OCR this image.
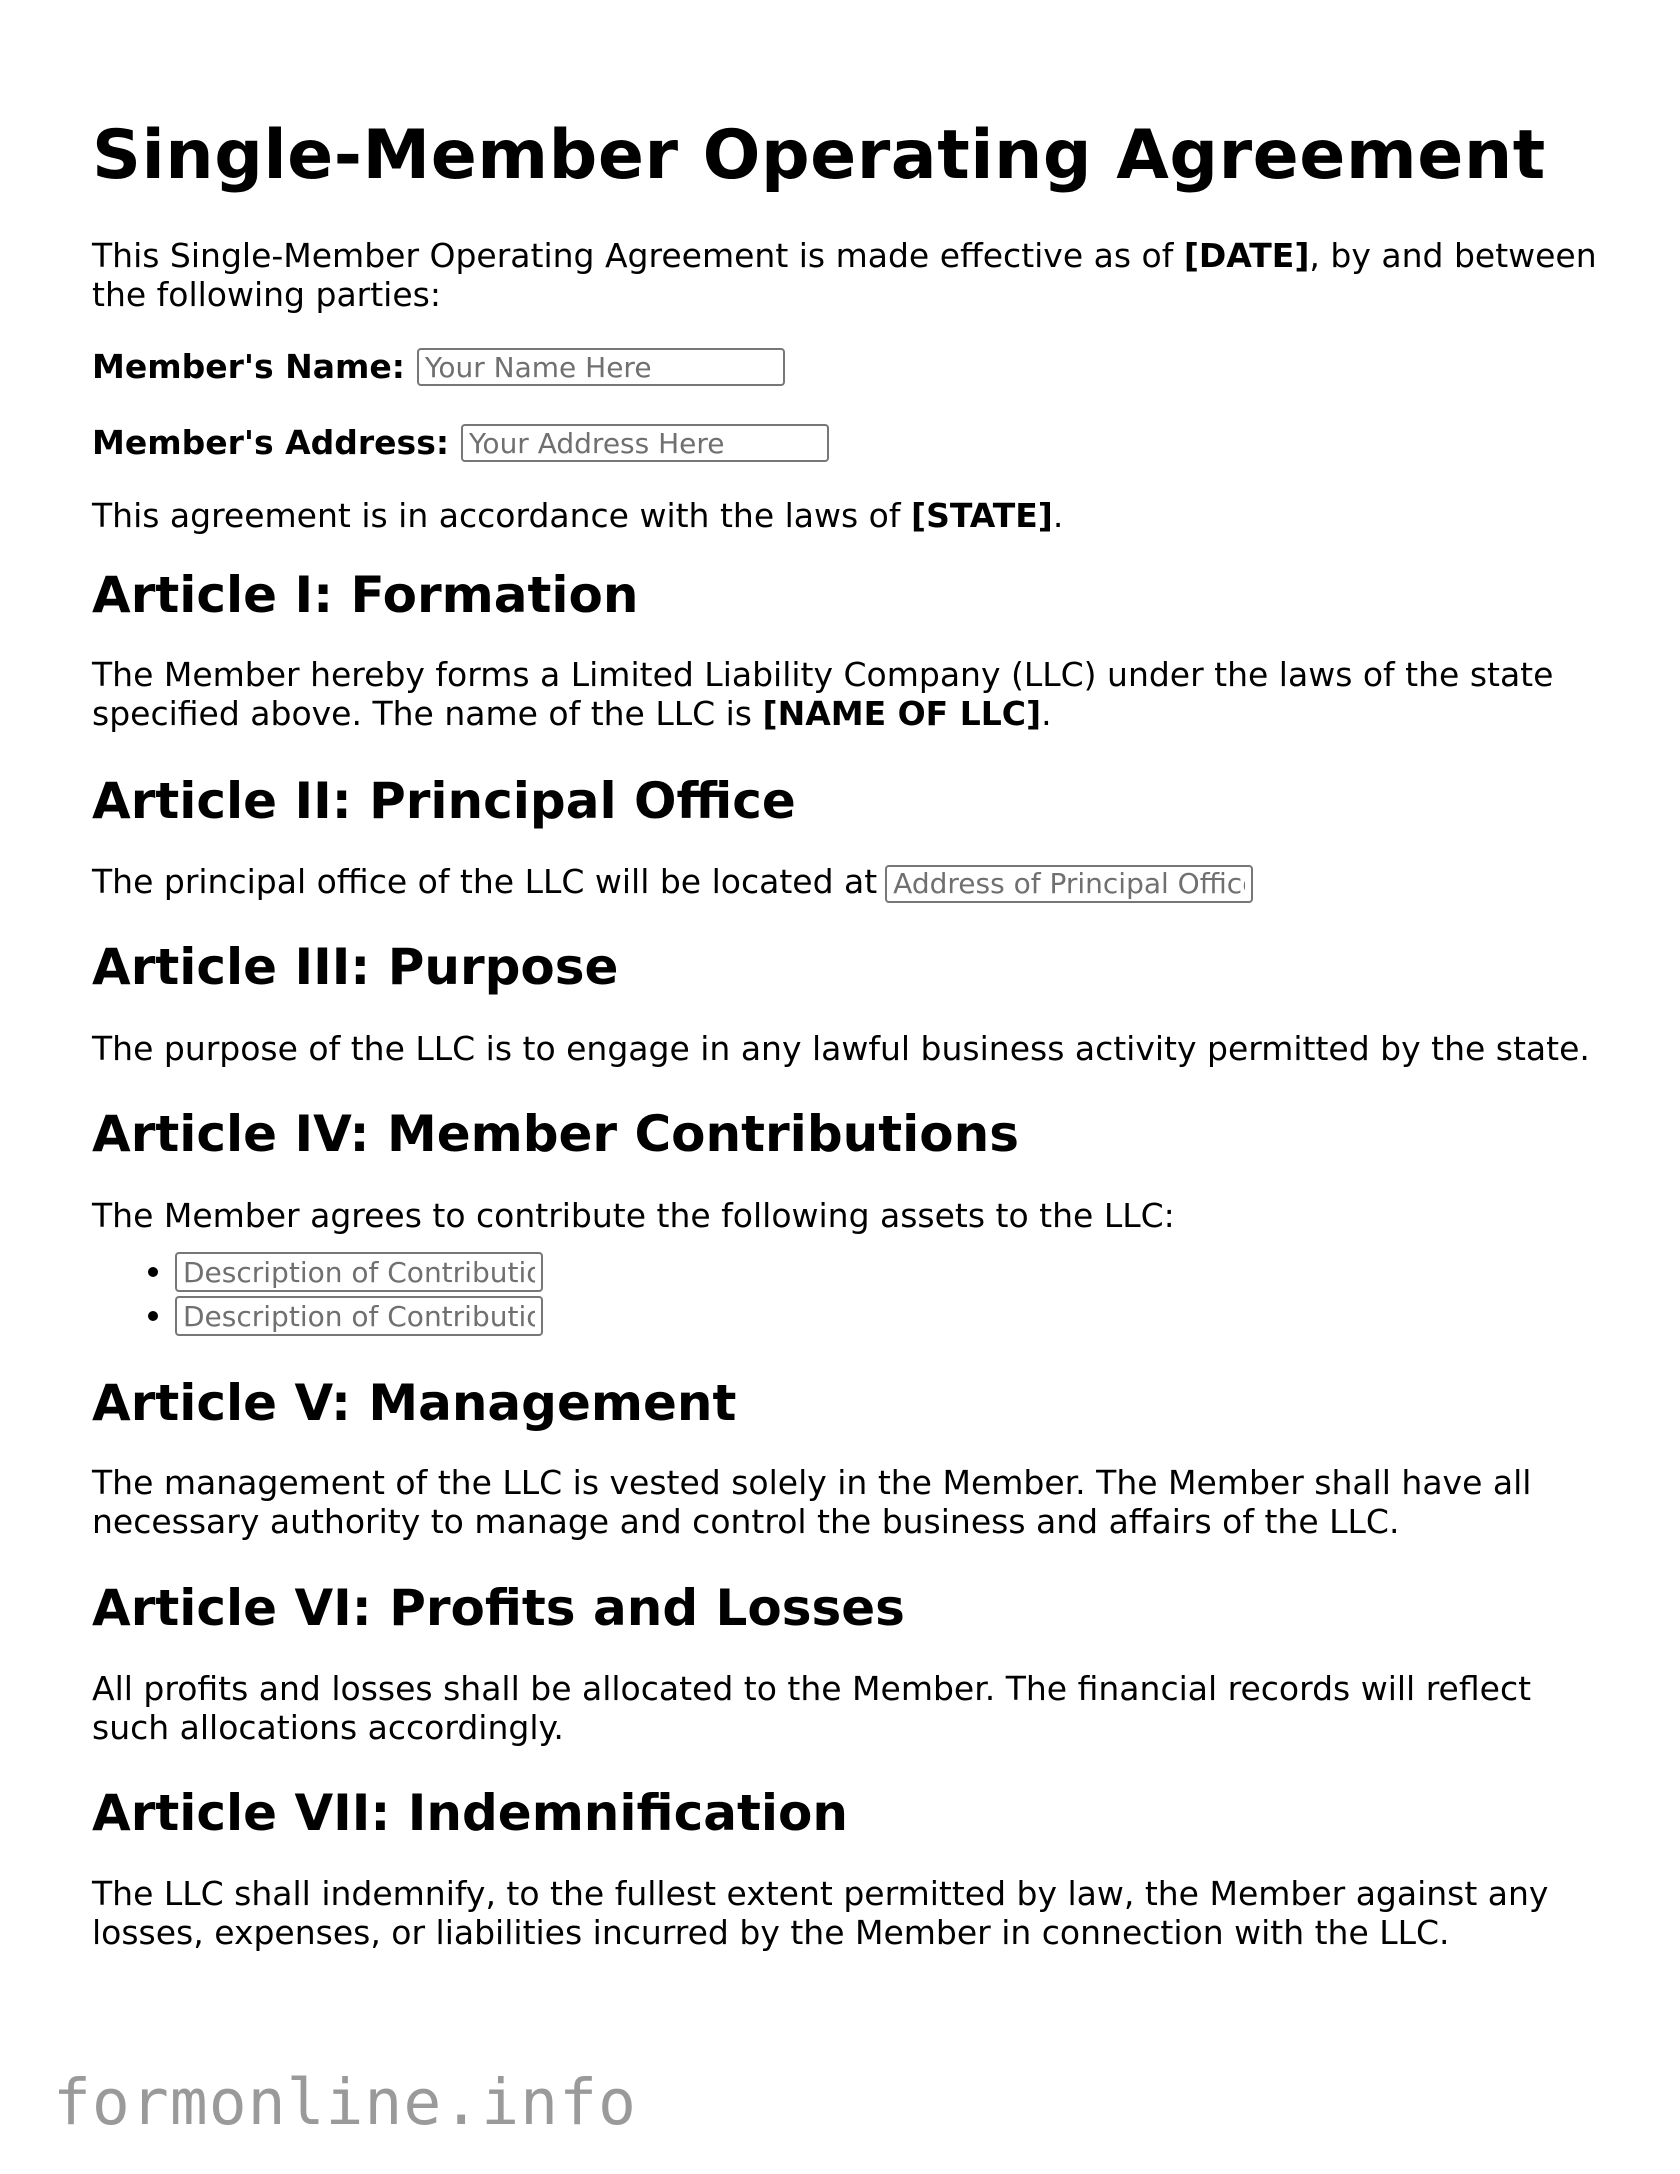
Single-Member Operating Agreement

This Single-Member Operating Agreement is made effective as of [DATE], by and between the following parties:

Member's Name:
Your Name Here
Member's Address:
Your Address Here

This agreement is in accordance with the laws of [STATE].

Article I: Formation

The Member hereby forms a Limited Liability Company (LLC) under the laws of the state specified above. The name of the LLC is [NAME OF LLC].

Article II: Principal Office

The principal office of the LLC will be located atAddress of Principal Office

Article III: Purpose

The purpose of the LLC is to engage in any lawful business activity permitted by the state.

Article IV: Member Contributions

The Member agrees to contribute the following assets to the LLC:

• Description of Contribution
• Description of Contribution
Article V: Management

The management of the LLC is vested solely in the Member. The Member shall have all necessary authority to manage and control the business and affairs of the LLC.

Article VI: Profits and Losses

All profits and losses shall be allocated to the Member. The financial records will reflect such allocations accordingly.

Article VII: Indemnification

The LLC shall indemnify, to the fullest extent permitted by law, the Member against any losses, expenses, or liabilities incurred by the Member in connection with the LLC.

formonline.info
